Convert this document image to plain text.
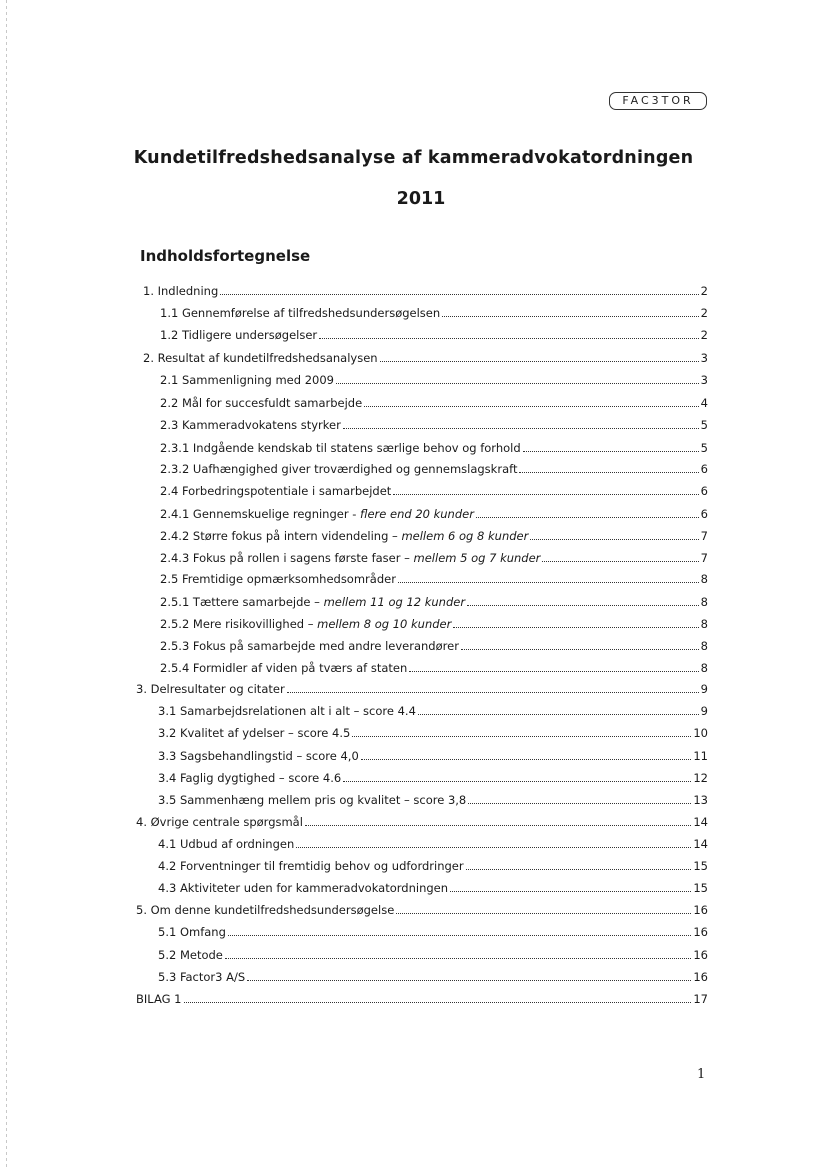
FAC3TOR
Kundetilfredshedsanalyse af kammeradvokatordningen
2011
Indholdsfortegnelse
1. Indledning	2
1.1 Gennemførelse af tilfredshedsundersøgelsen	2
1.2 Tidligere undersøgelser	2
2. Resultat af kundetilfredshedsanalysen	3
2.1 Sammenligning med 2009	3
2.2 Mål for succesfuldt samarbejde	4
2.3 Kammeradvokatens styrker	5
2.3.1 Indgående kendskab til statens særlige behov og forhold	5
2.3.2 Uafhængighed giver troværdighed og gennemslagskraft	6
2.4 Forbedringspotentiale i samarbejdet	6
2.4.1 Gennemskuelige regninger - flere end 20 kunder	6
2.4.2 Større fokus på intern videndeling – mellem 6 og 8 kunder	7
2.4.3 Fokus på rollen i sagens første faser – mellem 5 og 7 kunder	7
2.5 Fremtidige opmærksomhedsområder	8
2.5.1 Tættere samarbejde – mellem 11 og 12 kunder	8
2.5.2 Mere risikovillighed – mellem 8 og 10 kunder	8
2.5.3 Fokus på samarbejde med andre leverandører	8
2.5.4 Formidler af viden på tværs af staten	8
3. Delresultater og citater	9
3.1 Samarbejdsrelationen alt i alt – score 4.4	9
3.2 Kvalitet af ydelser – score 4.5	10
3.3 Sagsbehandlingstid – score 4,0	11
3.4 Faglig dygtighed – score 4.6	12
3.5 Sammenhæng mellem pris og kvalitet – score 3,8	13
4. Øvrige centrale spørgsmål	14
4.1 Udbud af ordningen	14
4.2 Forventninger til fremtidig behov og udfordringer	15
4.3 Aktiviteter uden for kammeradvokatordningen	15
5. Om denne kundetilfredshedsundersøgelse	16
5.1 Omfang	16
5.2 Metode	16
5.3 Factor3 A/S	16
BILAG 1	17
1
